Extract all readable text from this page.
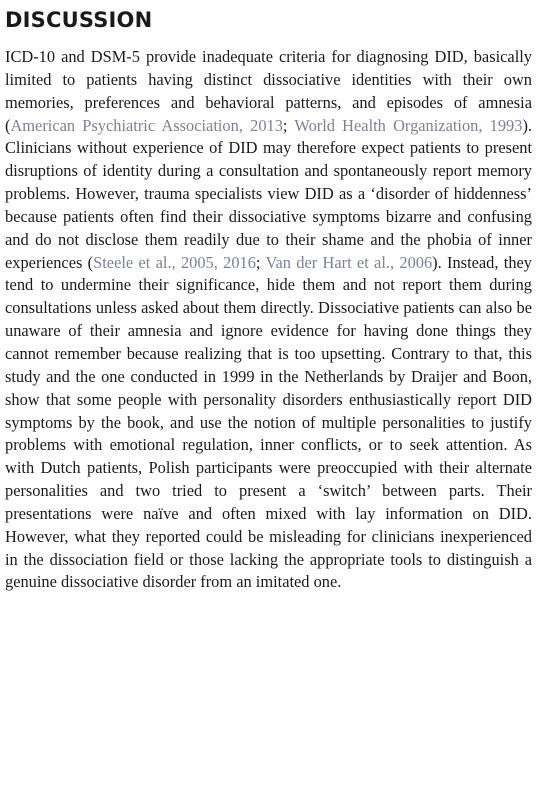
DISCUSSION

ICD-10 and DSM-5 provide inadequate criteria for diagnosing DID, basically limited to patients having distinct dissociative identities with their own memories, preferences and behavioral patterns, and episodes of amnesia (American Psychiatric Association, 2013; World Health Organization, 1993). Clinicians without experience of DID may therefore expect patients to present disruptions of identity during a consultation and spontaneously report memory problems. However, trauma specialists view DID as a ‘disorder of hiddenness’ because patients often find their dissociative symptoms bizarre and confusing and do not disclose them readily due to their shame and the phobia of inner experiences (Steele et al., 2005, 2016; Van der Hart et al., 2006). Instead, they tend to undermine their significance, hide them and not report them during consultations unless asked about them directly. Dissociative patients can also be unaware of their amnesia and ignore evidence for having done things they cannot remember because realizing that is too upsetting. Contrary to that, this study and the one conducted in 1999 in the Netherlands by Draijer and Boon, show that some people with personality disorders enthusiastically report DID symptoms by the book, and use the notion of multiple personalities to justify problems with emotional regulation, inner conflicts, or to seek attention. As with Dutch patients, Polish participants were preoccupied with their alternate personalities and two tried to present a ‘switch’ between parts. Their presentations were naïve and often mixed with lay information on DID. However, what they reported could be misleading for clinicians inexperienced in the dissociation field or those lacking the appropriate tools to distinguish a genuine dissociative disorder from an imitated one.
